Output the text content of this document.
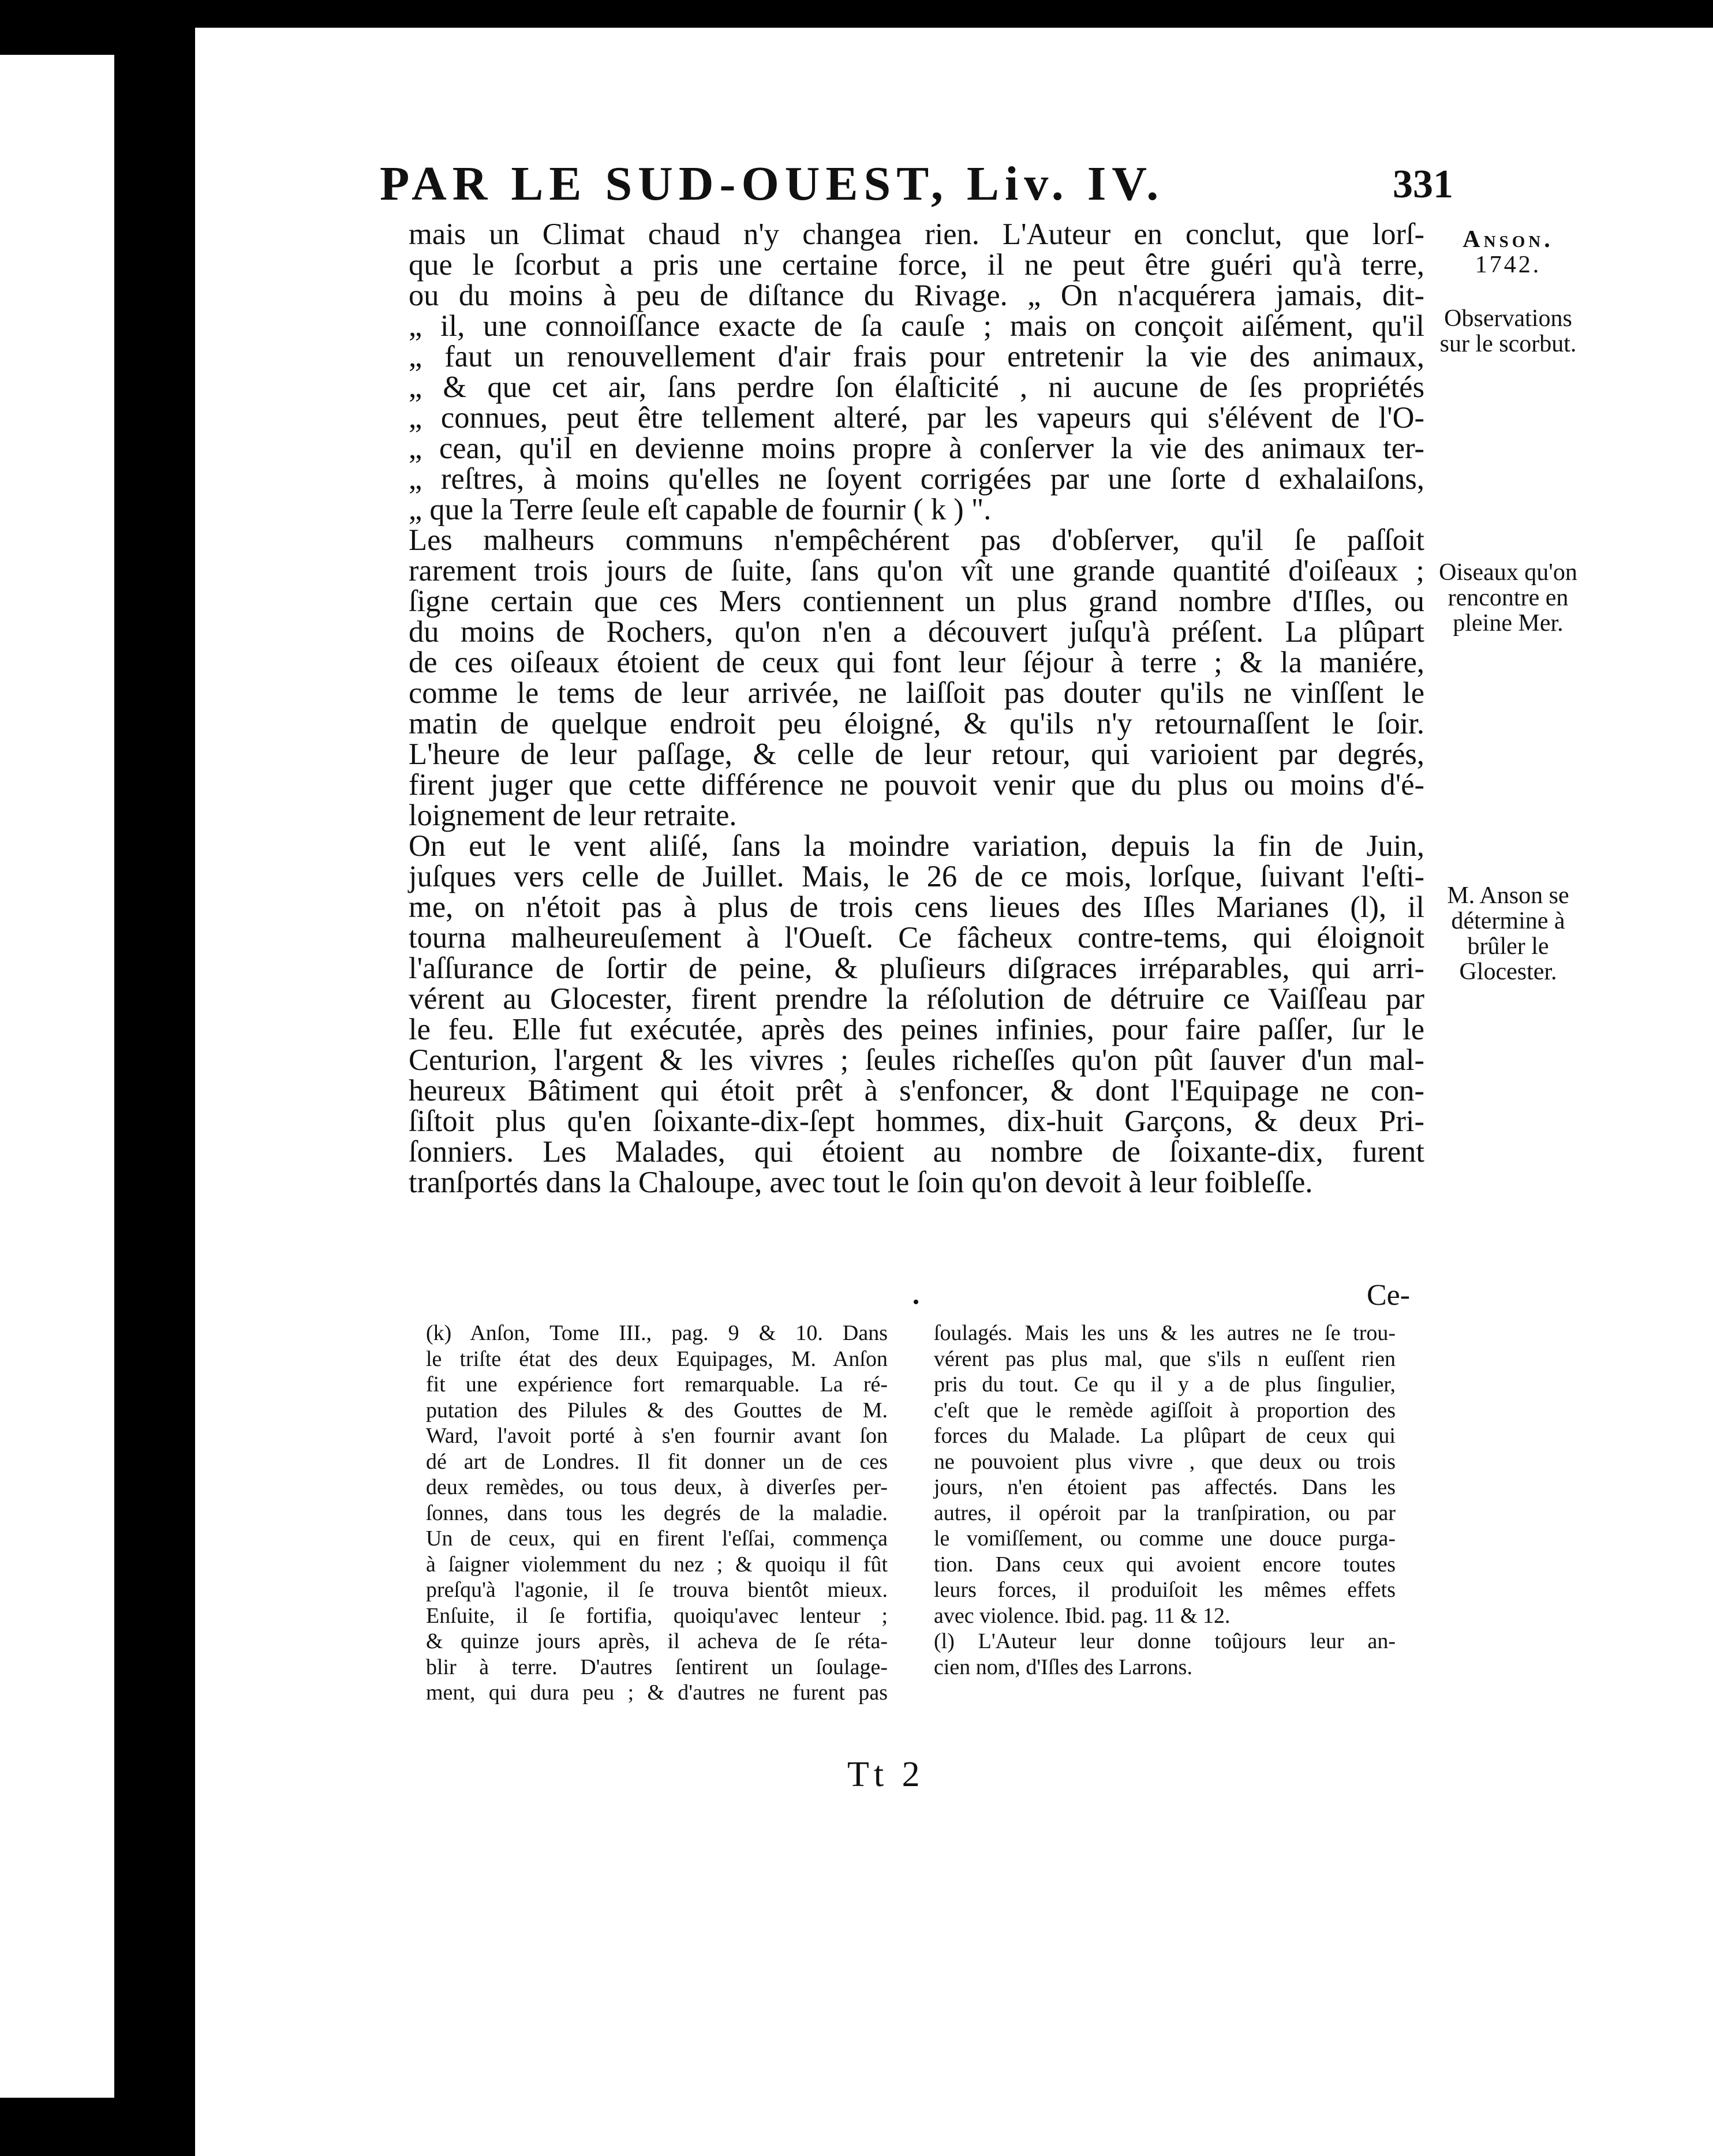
PAR LE SUD-OUEST, Liv. IV.	331
mais un Climat chaud n'y changea rien. L'Auteur en conclut, que lorſ-
que le ſcorbut a pris une certaine force, il ne peut être guéri qu'à terre,
ou du moins à peu de diſtance du Rivage. „ On n'acquérera jamais, dit-
„ il, une connoiſſance exacte de ſa cauſe ; mais on conçoit aiſément, qu'il
„ faut un renouvellement d'air frais pour entretenir la vie des animaux,
„ & que cet air, ſans perdre ſon élaſticité , ni aucune de ſes propriétés
„ connues, peut être tellement alteré, par les vapeurs qui s'élévent de l'O-
„ cean, qu'il en devienne moins propre à conſerver la vie des animaux ter-
„ reſtres, à moins qu'elles ne ſoyent corrigées par une ſorte d exhalaiſons,
„ que la Terre ſeule eſt capable de fournir ( k ) ".
Les malheurs communs n'empêchérent pas d'obſerver, qu'il ſe paſſoit
rarement trois jours de ſuite, ſans qu'on vît une grande quantité d'oiſeaux ;
ſigne certain que ces Mers contiennent un plus grand nombre d'Iſles, ou
du moins de Rochers, qu'on n'en a découvert juſqu'à préſent. La plûpart
de ces oiſeaux étoient de ceux qui font leur ſéjour à terre ; & la maniére,
comme le tems de leur arrivée, ne laiſſoit pas douter qu'ils ne vinſſent le
matin de quelque endroit peu éloigné, & qu'ils n'y retournaſſent le ſoir.
L'heure de leur paſſage, & celle de leur retour, qui varioient par degrés,
firent juger que cette différence ne pouvoit venir que du plus ou moins d'é-
loignement de leur retraite.
On eut le vent aliſé, ſans la moindre variation, depuis la fin de Juin,
juſques vers celle de Juillet. Mais, le 26 de ce mois, lorſque, ſuivant l'eſti-
me, on n'étoit pas à plus de trois cens lieues des Iſles Marianes (l), il
tourna malheureuſement à l'Oueſt. Ce fâcheux contre-tems, qui éloignoit
l'aſſurance de ſortir de peine, & pluſieurs diſgraces irréparables, qui arri-
vérent au Glocester, firent prendre la réſolution de détruire ce Vaiſſeau par
le feu. Elle fut exécutée, après des peines infinies, pour faire paſſer, ſur le
Centurion, l'argent & les vivres ; ſeules richeſſes qu'on pût ſauver d'un mal-
heureux Bâtiment qui étoit prêt à s'enfoncer, & dont l'Equipage ne con-
ſiſtoit plus qu'en ſoixante-dix-ſept hommes, dix-huit Garçons, & deux Pri-
ſonniers. Les Malades, qui étoient au nombre de ſoixante-dix, furent
tranſportés dans la Chaloupe, avec tout le ſoin qu'on devoit à leur foibleſſe.
Ce-
Anson.
1742.
Observations sur le scorbut.
Oiseaux qu'on rencontre en pleine Mer.
M. Anson se détermine à brûler le Glocester.
(k) Anſon, Tome III., pag. 9 & 10. Dans
le triſte état des deux Equipages, M. Anſon
fit une expérience fort remarquable. La ré-
putation des Pilules & des Gouttes de M.
Ward, l'avoit porté à s'en fournir avant ſon
dé art de Londres. Il fit donner un de ces
deux remèdes, ou tous deux, à diverſes per-
ſonnes, dans tous les degrés de la maladie.
Un de ceux, qui en firent l'eſſai, commença
à ſaigner violemment du nez ; & quoiqu il fût
preſqu'à l'agonie, il ſe trouva bientôt mieux.
Enſuite, il ſe fortifia, quoiqu'avec lenteur ;
& quinze jours après, il acheva de ſe réta-
blir à terre. D'autres ſentirent un ſoulage-
ment, qui dura peu ; & d'autres ne furent pas
ſoulagés. Mais les uns & les autres ne ſe trou-
vérent pas plus mal, que s'ils n euſſent rien
pris du tout. Ce qu il y a de plus ſingulier,
c'eſt que le remède agiſſoit à proportion des
forces du Malade. La plûpart de ceux qui
ne pouvoient plus vivre , que deux ou trois
jours, n'en étoient pas affectés. Dans les
autres, il opéroit par la tranſpiration, ou par
le vomiſſement, ou comme une douce purga-
tion. Dans ceux qui avoient encore toutes
leurs forces, il produiſoit les mêmes effets
avec violence. Ibid. pag. 11 & 12.
(l) L'Auteur leur donne toûjours leur an-
cien nom, d'Iſles des Larrons.
Tt 2
